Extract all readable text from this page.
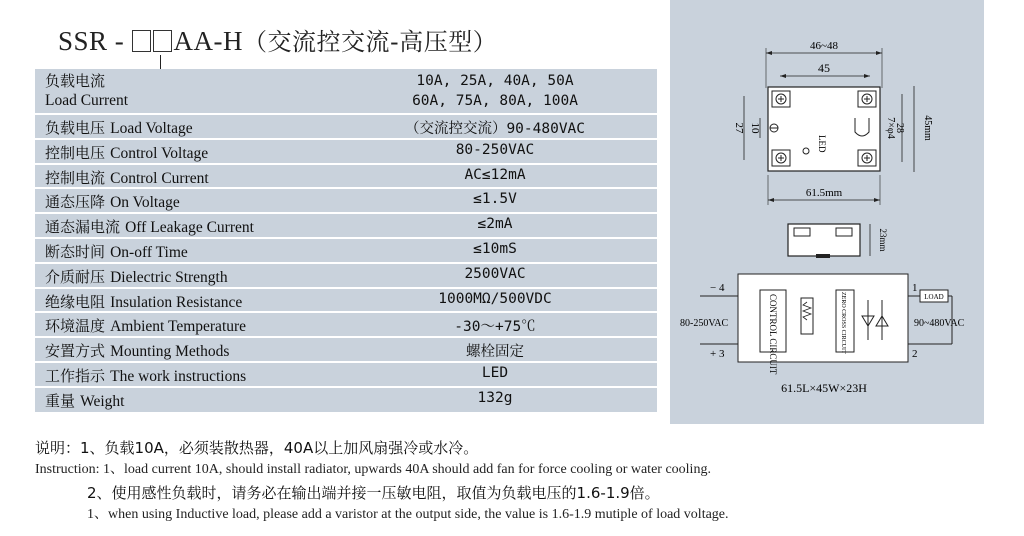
SSR - AA-H（交流控交流-高压型）
负载电流
Load Current
10A, 25A, 40A, 50A
60A, 75A, 80A, 100A
负载电压 Load Voltage	（交流控交流）90-480VAC
控制电压 Control Voltage	80-250VAC
控制电流 Control Current	AC≤12mA
通态压降 On Voltage	≤1.5V
通态漏电流 Off Leakage Current	≤2mA
断态时间 On-off Time	≤10mS
介质耐压 Dielectric Strength	2500VAC
绝缘电阻 Insulation Resistance	1000MΩ/500VDC
环境温度 Ambient Temperature	-30～+75℃
安置方式 Mounting Methods	螺栓固定
工作指示 The work instructions	LED
重量 Weight	132g
46~48
45
LED
27 10	7×φ4
28 45mm
61.5mm
23mm
CONTROL CIRCUIT	ZERO CROSS CIRCUIT
− 4
+ 3
80-250VAC
LOAD
1
2
90~480VAC
61.5L×45W×23H
说明：1、负载10A，必须装散热器，40A以上加风扇强冷或水冷。
Instruction: 1、load current 10A, should install radiator, upwards 40A should add fan for force cooling or water cooling.
2、使用感性负载时，请务必在输出端并接一压敏电阻，取值为负载电压的1.6-1.9倍。
1、when using Inductive load, please add a varistor at the output side, the value is 1.6-1.9 mutiple of load voltage.
